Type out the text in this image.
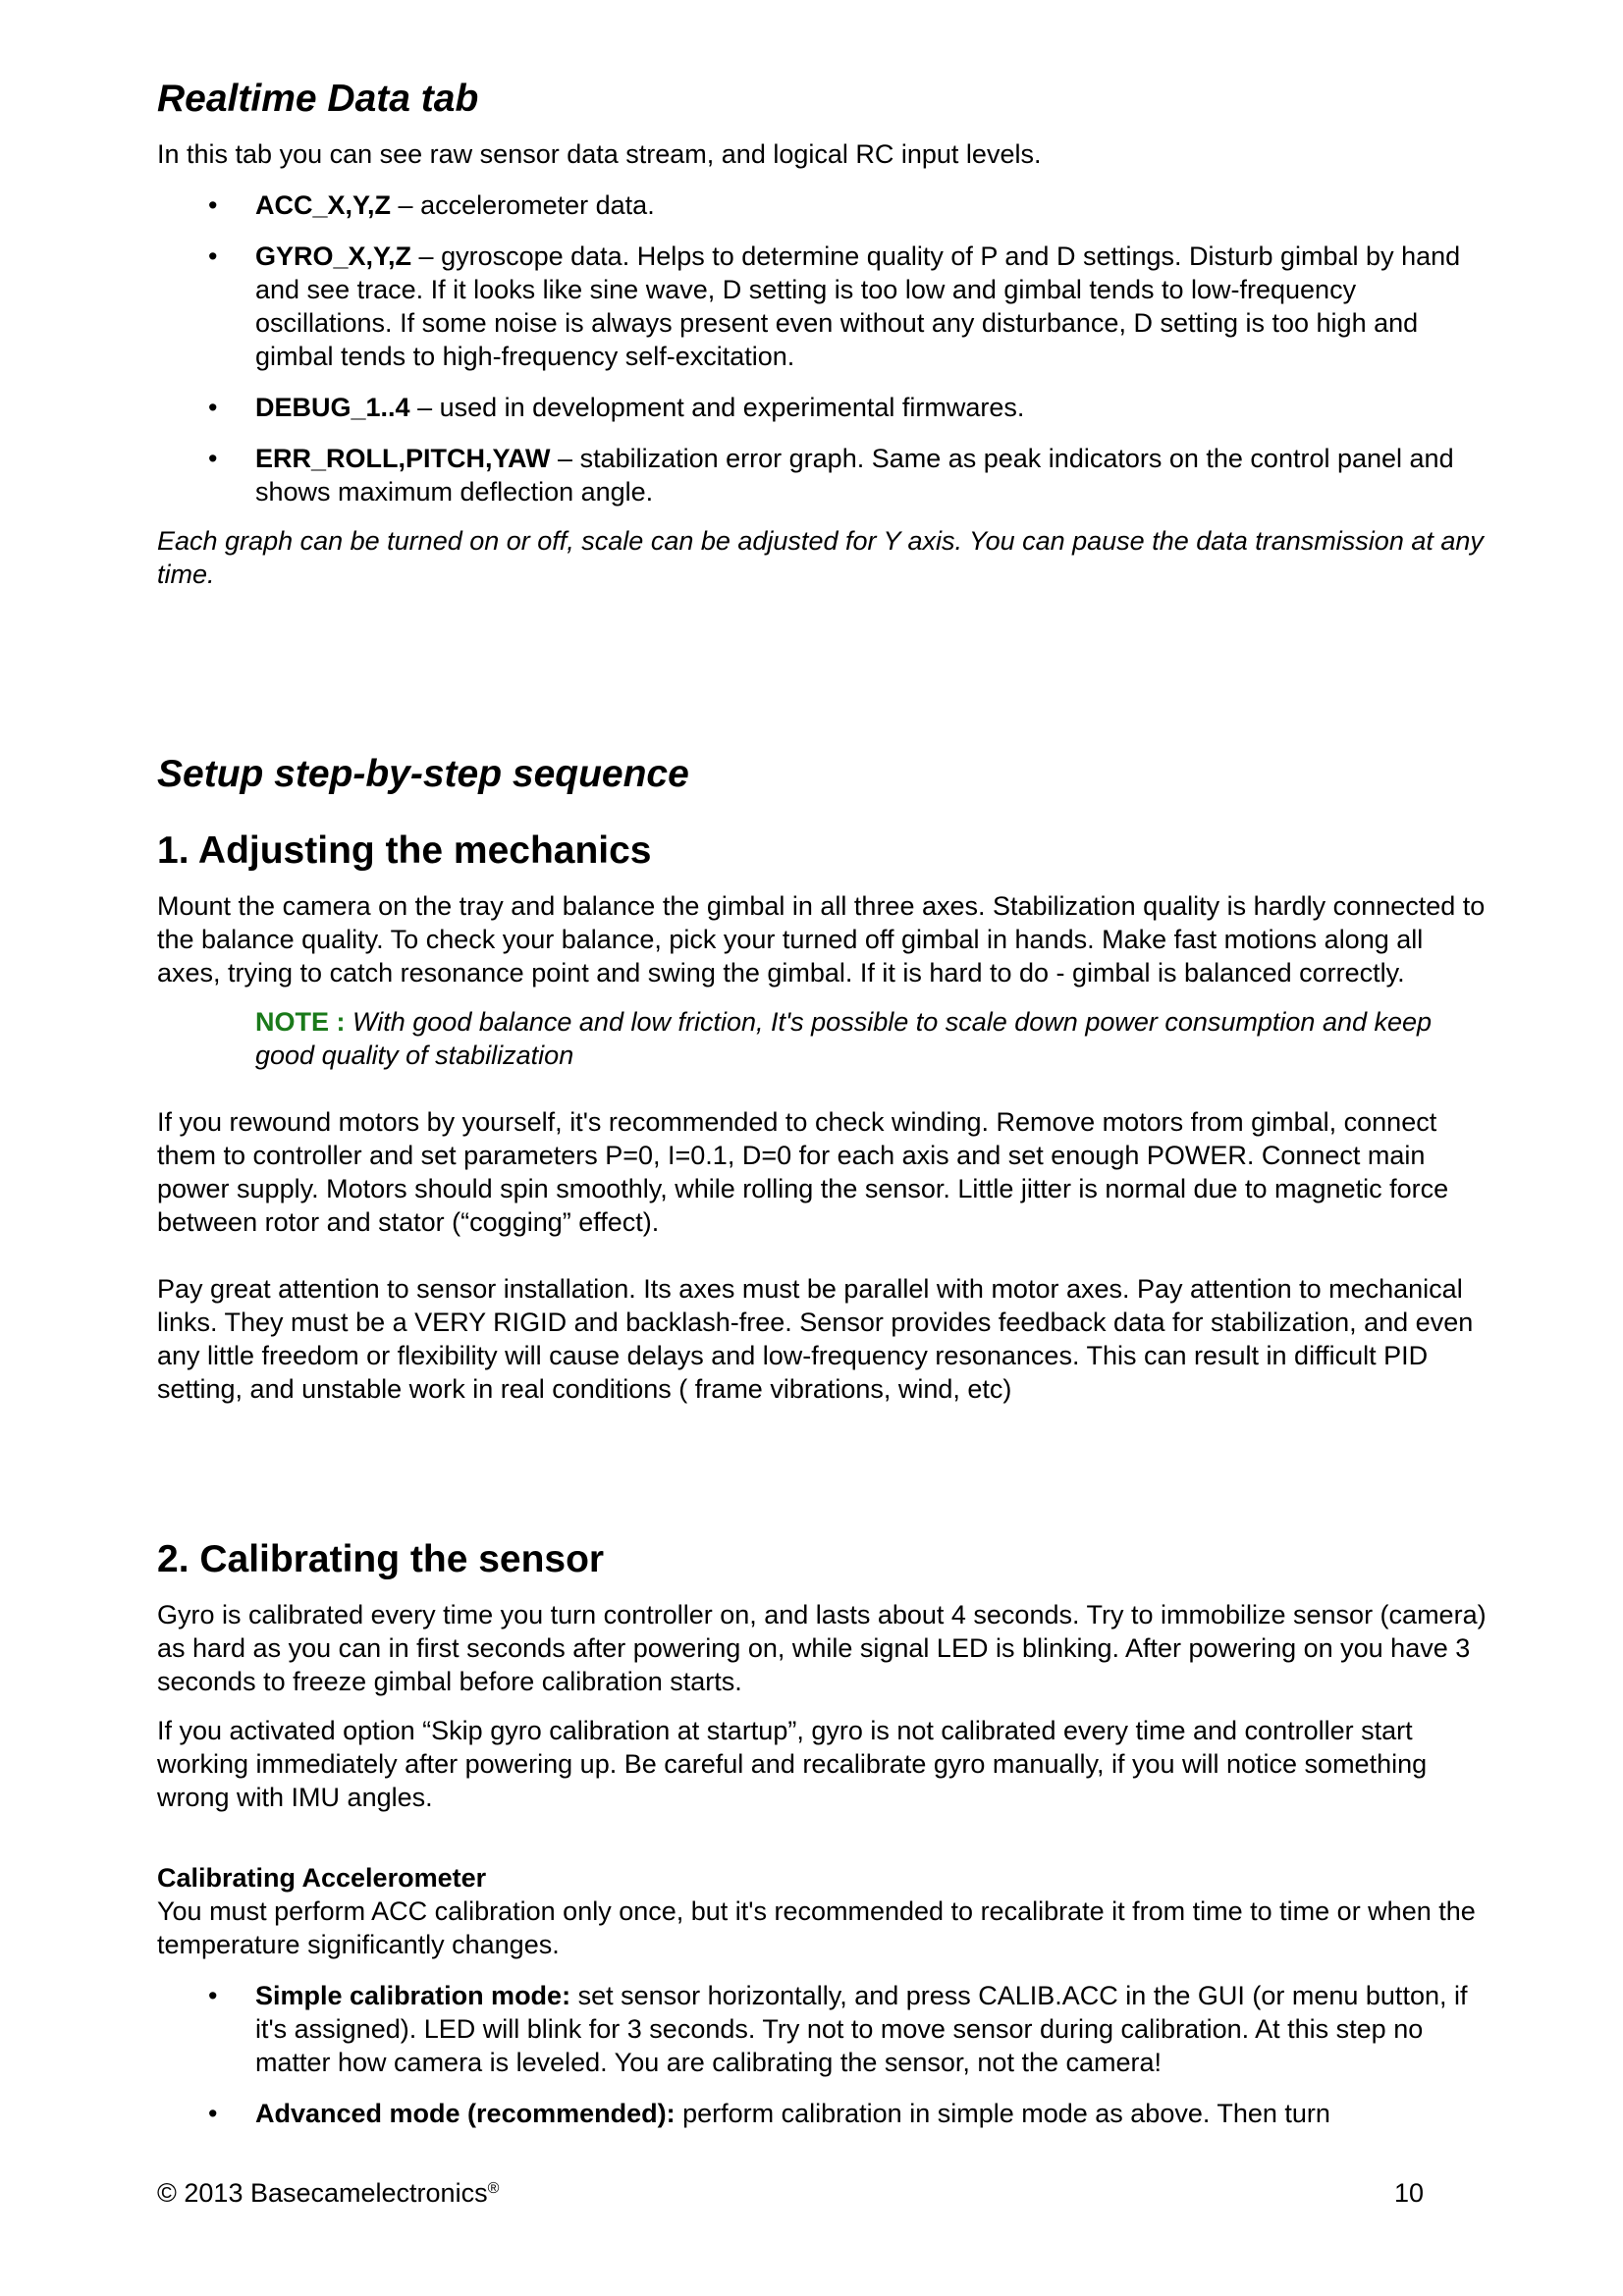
Realtime Data tab

In this tab you can see raw sensor data stream, and logical RC input levels.

• ACC_X,Y,Z – accelerometer data.
• GYRO_X,Y,Z – gyroscope data. Helps to determine quality of P and D settings. Disturb gimbal by hand and see trace. If it looks like sine wave, D setting is too low and gimbal tends to low-frequency oscillations. If some noise is always present even without any disturbance, D setting is too high and gimbal tends to high-frequency self-excitation.
• DEBUG_1..4 – used in development and experimental firmwares.
• ERR_ROLL,PITCH,YAW – stabilization error graph. Same as peak indicators on the control panel and shows maximum deflection angle.

Each graph can be turned on or off, scale can be adjusted for Y axis. You can pause the data transmission at any time.

Setup step-by-step sequence
1. Adjusting the mechanics

Mount the camera on the tray and balance the gimbal in all three axes. Stabilization quality is hardly connected to the balance quality. To check your balance, pick your turned off gimbal in hands. Make fast motions along all axes, trying to catch resonance point and swing the gimbal. If it is hard to do - gimbal is balanced correctly.

NOTE : With good balance and low friction, It's possible to scale down power consumption and keep good quality of stabilization

If you rewound motors by yourself, it's recommended to check winding. Remove motors from gimbal, connect them to controller and set parameters P=0, I=0.1, D=0 for each axis and set enough POWER. Connect main power supply. Motors should spin smoothly, while rolling the sensor. Little jitter is normal due to magnetic force between rotor and stator (“cogging” effect).

Pay great attention to sensor installation. Its axes must be parallel with motor axes. Pay attention to mechanical links. They must be a VERY RIGID and backlash-free. Sensor provides feedback data for stabilization, and even any little freedom or flexibility will cause delays and low-frequency resonances. This can result in difficult PID setting, and unstable work in real conditions ( frame vibrations, wind, etc)

2. Calibrating the sensor

Gyro is calibrated every time you turn controller on, and lasts about 4 seconds. Try to immobilize sensor (camera) as hard as you can in first seconds after powering on, while signal LED is blinking. After powering on you have 3 seconds to freeze gimbal before calibration starts.

If you activated option “Skip gyro calibration at startup”, gyro is not calibrated every time and controller start working immediately after powering up. Be careful and recalibrate gyro manually, if you will notice something wrong with IMU angles.

Calibrating Accelerometer

You must perform ACC calibration only once, but it's recommended to recalibrate it from time to time or when the temperature significantly changes.

• Simple calibration mode: set sensor horizontally, and press CALIB.ACC in the GUI (or menu button, if it's assigned). LED will blink for 3 seconds. Try not to move sensor during calibration. At this step no matter how camera is leveled. You are calibrating the sensor, not the camera!
• Advanced mode (recommended): perform calibration in simple mode as above. Then turn
© 2013 Basecamelectronics®	10
